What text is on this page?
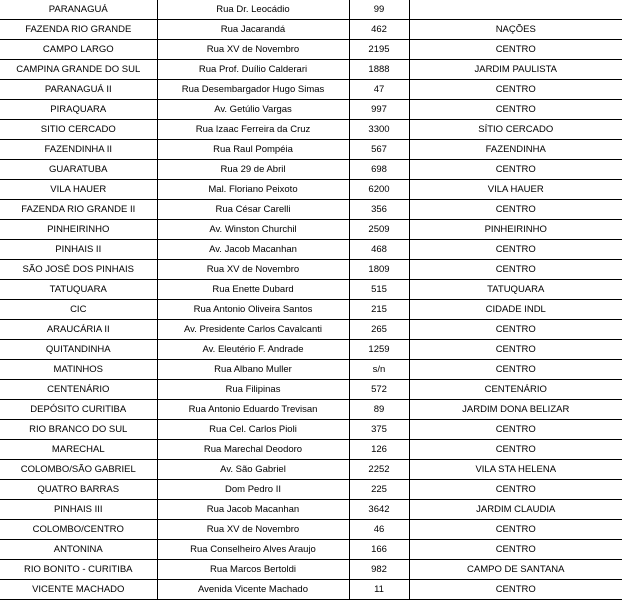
PARANAGUÁ	Rua Dr. Leocádio	99	
FAZENDA RIO GRANDE	Rua Jacarandá	462	NAÇÕES
CAMPO LARGO	Rua XV de Novembro	2195	CENTRO
CAMPINA GRANDE DO SUL	Rua Prof. Duílio Calderari	1888	JARDIM PAULISTA
PARANAGUÁ II	Rua Desembargador Hugo Simas	47	CENTRO
PIRAQUARA	Av. Getúlio Vargas	997	CENTRO
SITIO CERCADO	Rua Izaac Ferreira da Cruz	3300	SÍTIO CERCADO
FAZENDINHA II	Rua Raul Pompéia	567	FAZENDINHA
GUARATUBA	Rua 29 de Abril	698	CENTRO
VILA HAUER	Mal. Floriano Peixoto	6200	VILA HAUER
FAZENDA RIO GRANDE II	Rua César Carelli	356	CENTRO
PINHEIRINHO	Av. Winston Churchil	2509	PINHEIRINHO
PINHAIS II	Av. Jacob Macanhan	468	CENTRO
SÃO JOSÉ DOS PINHAIS	Rua XV de Novembro	1809	CENTRO
TATUQUARA	Rua Enette Dubard	515	TATUQUARA
CIC	Rua Antonio Oliveira Santos	215	CIDADE INDL
ARAUCÁRIA II	Av. Presidente Carlos Cavalcanti	265	CENTRO
QUITANDINHA	Av. Eleutério F. Andrade	1259	CENTRO
MATINHOS	Rua Albano Muller	s/n	CENTRO
CENTENÁRIO	Rua Filipinas	572	CENTENÁRIO
DEPÓSITO CURITIBA	Rua Antonio Eduardo Trevisan	89	JARDIM DONA BELIZAR
RIO BRANCO DO SUL	Rua Cel. Carlos Pioli	375	CENTRO
MARECHAL	Rua Marechal Deodoro	126	CENTRO
COLOMBO/SÃO GABRIEL	Av. São Gabriel	2252	VILA STA HELENA
QUATRO BARRAS	Dom Pedro II	225	CENTRO
PINHAIS III	Rua Jacob Macanhan	3642	JARDIM CLAUDIA
COLOMBO/CENTRO	Rua XV de Novembro	46	CENTRO
ANTONINA	Rua Conselheiro Alves Araujo	166	CENTRO
RIO BONITO - CURITIBA	Rua Marcos Bertoldi	982	CAMPO DE SANTANA
VICENTE MACHADO	Avenida Vicente Machado	11	CENTRO
